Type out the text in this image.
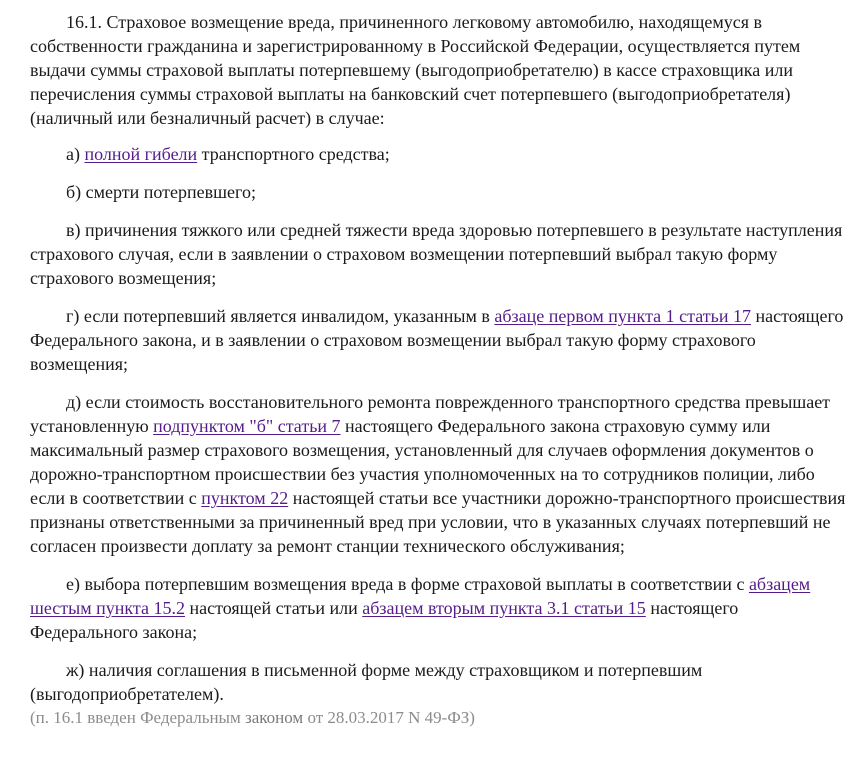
16.1. Страховое возмещение вреда, причиненного легковому автомобилю, находящемуся в собственности гражданина и зарегистрированному в Российской Федерации, осуществляется путем выдачи суммы страховой выплаты потерпевшему (выгодоприобретателю) в кассе страховщика или перечисления суммы страховой выплаты на банковский счет потерпевшего (выгодоприобретателя) (наличный или безналичный расчет) в случае:

а) полной гибели транспортного средства;

б) смерти потерпевшего;

в) причинения тяжкого или средней тяжести вреда здоровью потерпевшего в результате наступления страхового случая, если в заявлении о страховом возмещении потерпевший выбрал такую форму страхового возмещения;

г) если потерпевший является инвалидом, указанным в абзаце первом пункта 1 статьи 17 настоящего Федерального закона, и в заявлении о страховом возмещении выбрал такую форму страхового возмещения;

д) если стоимость восстановительного ремонта поврежденного транспортного средства превышает установленную подпунктом "б" статьи 7 настоящего Федерального закона страховую сумму или максимальный размер страхового возмещения, установленный для случаев оформления документов о дорожно-транспортном происшествии без участия уполномоченных на то сотрудников полиции, либо если в соответствии с пунктом 22 настоящей статьи все участники дорожно-транспортного происшествия признаны ответственными за причиненный вред при условии, что в указанных случаях потерпевший не согласен произвести доплату за ремонт станции технического обслуживания;

е) выбора потерпевшим возмещения вреда в форме страховой выплаты в соответствии с абзацем шестым пункта 15.2 настоящей статьи или абзацем вторым пункта 3.1 статьи 15 настоящего Федерального закона;

ж) наличия соглашения в письменной форме между страховщиком и потерпевшим (выгодоприобретателем).

(п. 16.1 введен Федеральным законом от 28.03.2017 N 49-ФЗ)
